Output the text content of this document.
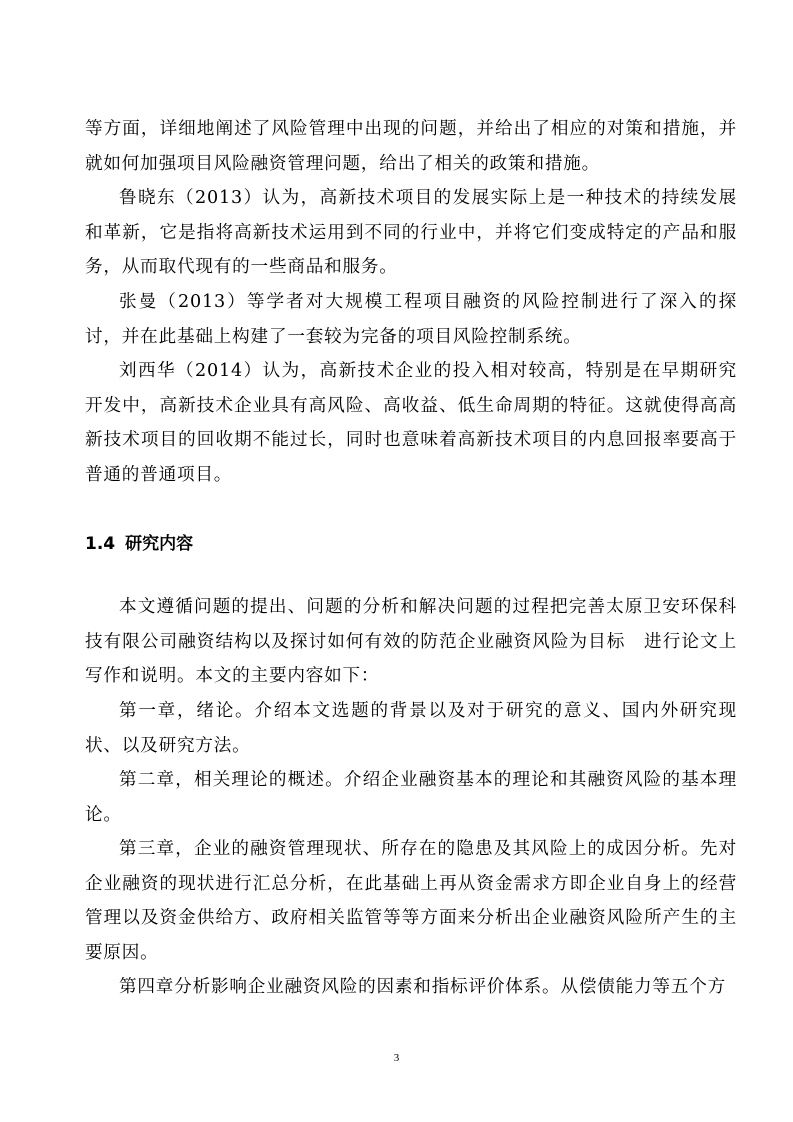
等方面，详细地阐述了风险管理中出现的问题，并给出了相应的对策和措施，并就如何加强项目风险融资管理问题，给出了相关的政策和措施。

鲁晓东（2013）认为，高新技术项目的发展实际上是一种技术的持续发展和革新，它是指将高新技术运用到不同的行业中，并将它们变成特定的产品和服务，从而取代现有的一些商品和服务。

张曼（2013）等学者对大规模工程项目融资的风险控制进行了深入的探讨，并在此基础上构建了一套较为完备的项目风险控制系统。

刘西华（2014）认为，高新技术企业的投入相对较高，特别是在早期研究开发中，高新技术企业具有高风险、高收益、低生命周期的特征。这就使得高高新技术项目的回收期不能过长，同时也意味着高新技术项目的内息回报率要高于普通的普通项目。

1.4 研究内容

本文遵循问题的提出、问题的分析和解决问题的过程把完善太原卫安环保科技有限公司融资结构以及探讨如何有效的防范企业融资风险为目标　进行论文上写作和说明。本文的主要内容如下：

第一章，绪论。介绍本文选题的背景以及对于研究的意义、国内外研究现状、以及研究方法。

第二章，相关理论的概述。介绍企业融资基本的理论和其融资风险的基本理论。

第三章，企业的融资管理现状、所存在的隐患及其风险上的成因分析。先对企业融资的现状进行汇总分析，在此基础上再从资金需求方即企业自身上的经营管理以及资金供给方、政府相关监管等等方面来分析出企业融资风险所产生的主要原因。

第四章分析影响企业融资风险的因素和指标评价体系。从偿债能力等五个方

3
